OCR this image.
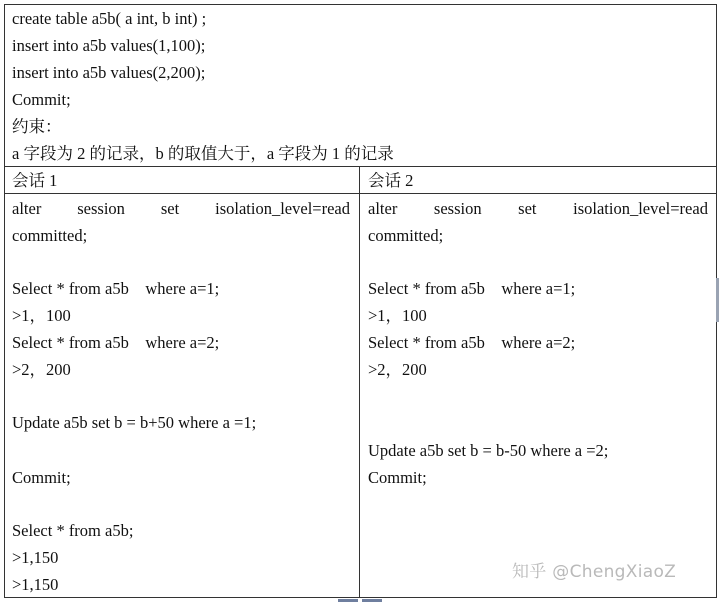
create table a5b( a int, b int) ;
insert into a5b values(1,100);
insert into a5b values(2,200);
Commit;
约束：
a 字段为 2 的记录，b 的取值大于，a 字段为 1 的记录
会话 1	会话 2
alter session set isolation_level=read
committed;
Select * from a5b    where a=1;
>1，100
Select * from a5b    where a=2;
>2，200
Update a5b set b = b+50 where a =1;
Commit;
Select * from a5b;
>1,150
>1,150
alter session set isolation_level=read
committed;
Select * from a5b    where a=1;
>1，100
Select * from a5b    where a=2;
>2，200
Update a5b set b = b-50 where a =2;
Commit;
知乎 @ChengXiaoZ
